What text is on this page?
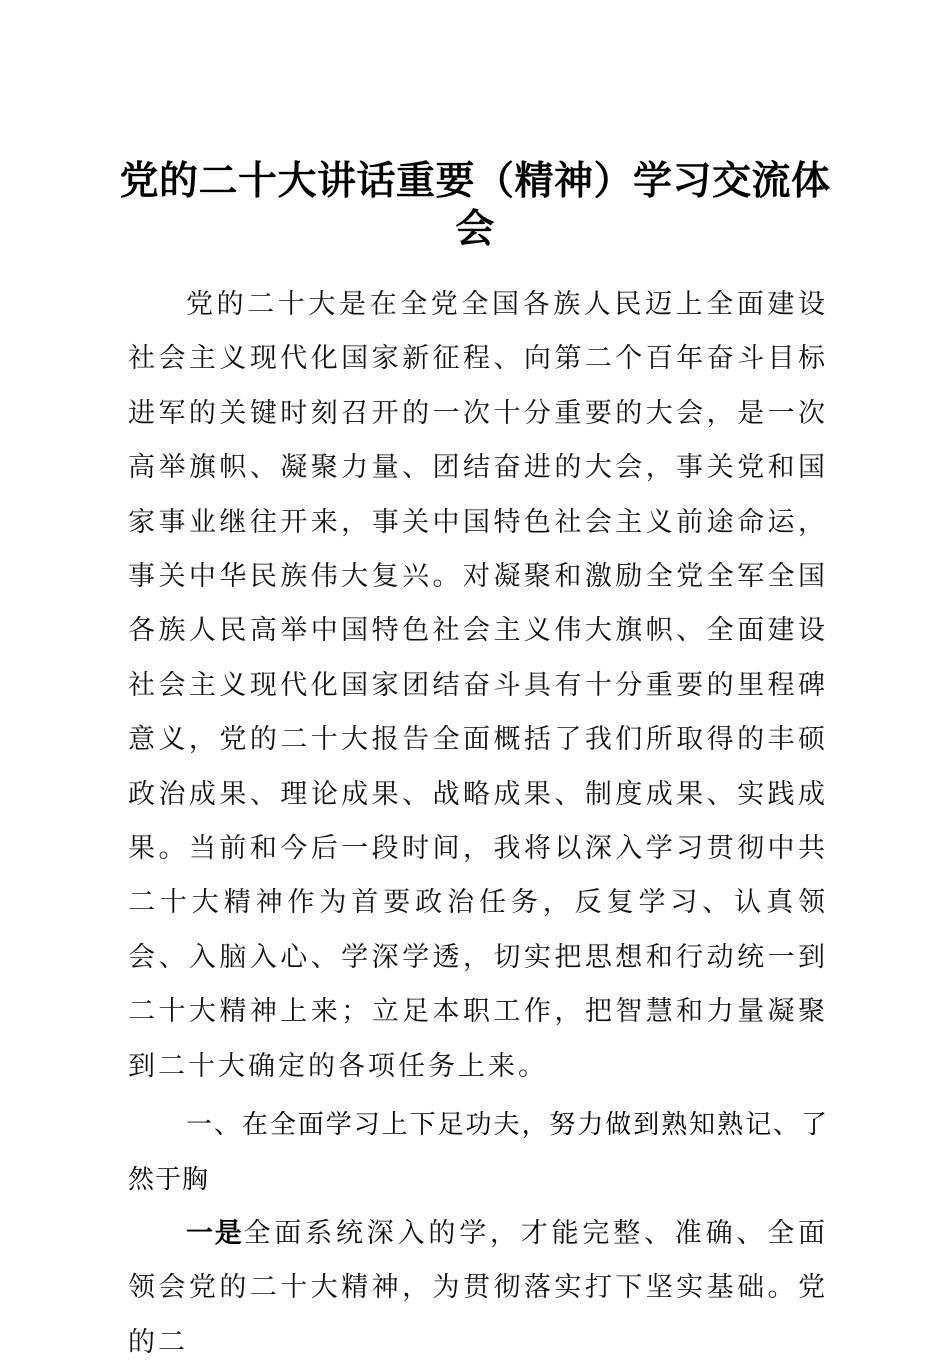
党的二十大讲话重要（精神）学习交流体会

党的二十大是在全党全国各族人民迈上全面建设社会主义现代化国家新征程、向第二个百年奋斗目标进军的关键时刻召开的一次十分重要的大会，是一次高举旗帜、凝聚力量、团结奋进的大会，事关党和国家事业继往开来，事关中国特色社会主义前途命运，事关中华民族伟大复兴。对凝聚和激励全党全军全国各族人民高举中国特色社会主义伟大旗帜、全面建设社会主义现代化国家团结奋斗具有十分重要的里程碑意义，党的二十大报告全面概括了我们所取得的丰硕政治成果、理论成果、战略成果、制度成果、实践成果。当前和今后一段时间，我将以深入学习贯彻中共二十大精神作为首要政治任务，反复学习、认真领会、入脑入心、学深学透，切实把思想和行动统一到二十大精神上来；立足本职工作，把智慧和力量凝聚到二十大确定的各项任务上来。

一、在全面学习上下足功夫，努力做到熟知熟记、了然于胸

一是全面系统深入的学，才能完整、准确、全面领会党的二十大精神，为贯彻落实打下坚实基础。党的二
